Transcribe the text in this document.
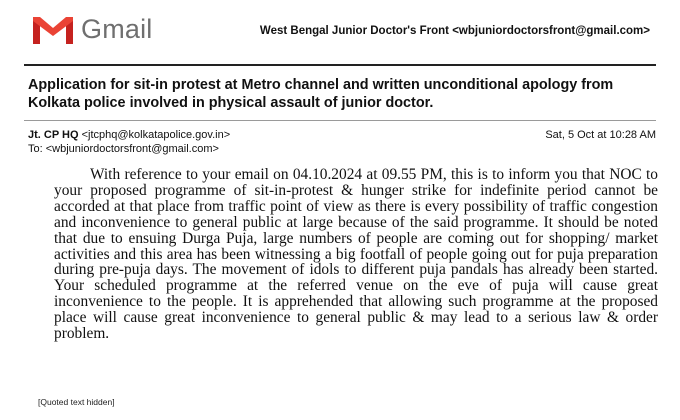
Gmail	West Bengal Junior Doctor's Front <wbjuniordoctorsfront@gmail.com>
Application for sit-in protest at Metro channel and written unconditional apology from Kolkata police involved in physical assault of junior doctor.
Jt. CP HQ <jtcphq@kolkatapolice.gov.in>	Sat, 5 Oct at 10:28 AM
To: <wbjuniordoctorsfront@gmail.com>
With reference to your email on 04.10.2024 at 09.55 PM, this is to inform you that NOC to your proposed programme of sit-in-protest & hunger strike for indefinite period cannot be accorded at that place from traffic point of view as there is every possibility of traffic congestion and inconvenience to general public at large because of the said programme. It should be noted that due to ensuing Durga Puja, large numbers of people are coming out for shopping/ market activities and this area has been witnessing a big footfall of people going out for puja preparation during pre-puja days. The movement of idols to different puja pandals has already been started. Your scheduled programme at the referred venue on the eve of puja will cause great inconvenience to the people. It is apprehended that allowing such programme at the proposed place will cause great inconvenience to general public & may lead to a serious law & order problem.
[Quoted text hidden]
